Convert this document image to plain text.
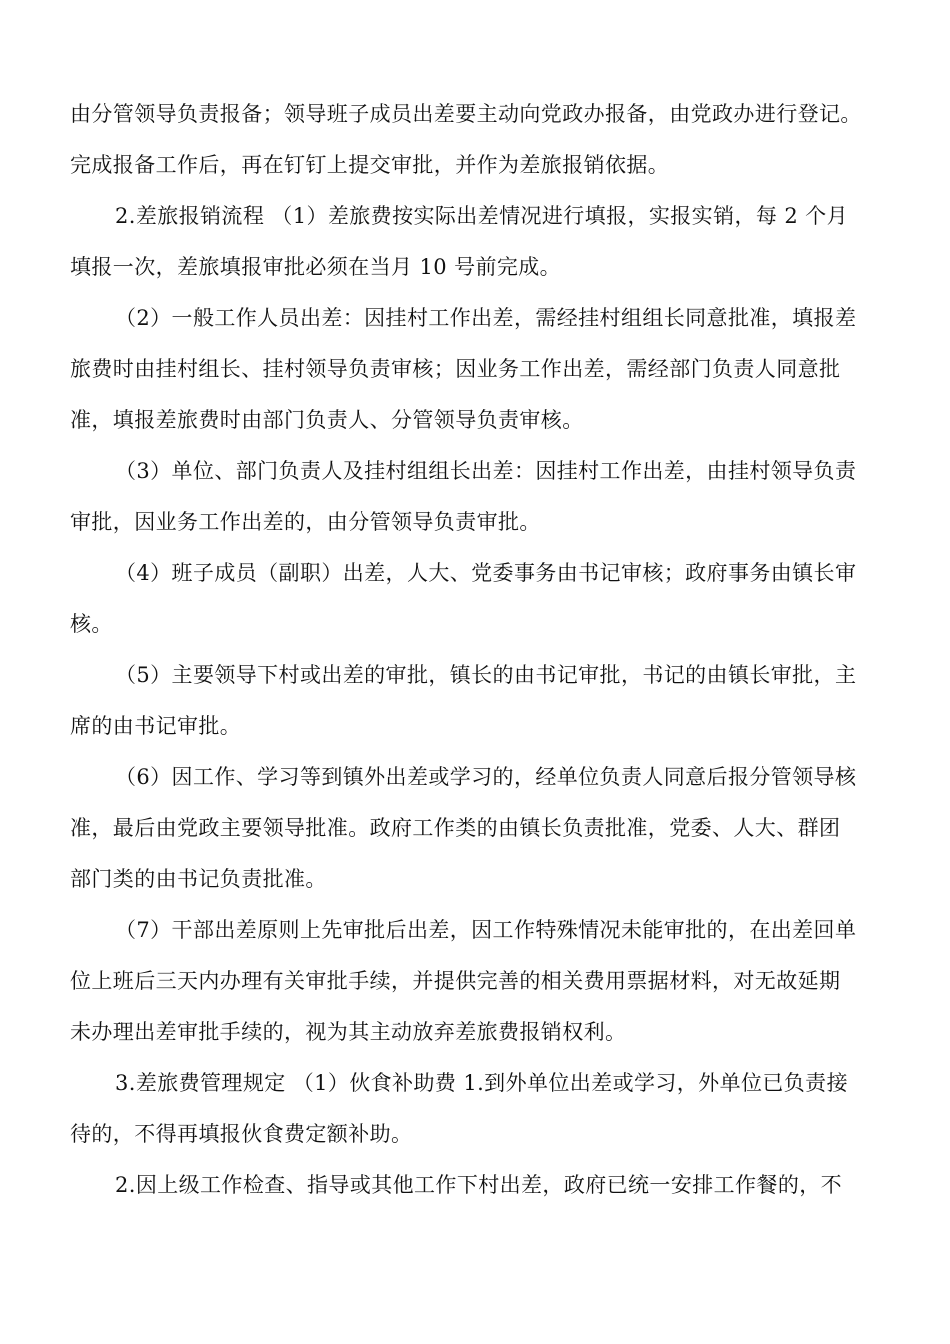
由分管领导负责报备；领导班子成员出差要主动向党政办报备，由党政办进行登记。
完成报备工作后，再在钉钉上提交审批，并作为差旅报销依据。
2.差旅报销流程 （1）差旅费按实际出差情况进行填报，实报实销，每 2 个月
填报一次，差旅填报审批必须在当月 10 号前完成。
（2）一般工作人员出差：因挂村工作出差，需经挂村组组长同意批准，填报差
旅费时由挂村组长、挂村领导负责审核；因业务工作出差，需经部门负责人同意批
准，填报差旅费时由部门负责人、分管领导负责审核。
（3）单位、部门负责人及挂村组组长出差：因挂村工作出差，由挂村领导负责
审批，因业务工作出差的，由分管领导负责审批。
（4）班子成员（副职）出差，人大、党委事务由书记审核；政府事务由镇长审
核。
（5）主要领导下村或出差的审批，镇长的由书记审批，书记的由镇长审批，主
席的由书记审批。
（6）因工作、学习等到镇外出差或学习的，经单位负责人同意后报分管领导核
准，最后由党政主要领导批准。政府工作类的由镇长负责批准，党委、人大、群团
部门类的由书记负责批准。
（7）干部出差原则上先审批后出差，因工作特殊情况未能审批的，在出差回单
位上班后三天内办理有关审批手续，并提供完善的相关费用票据材料，对无故延期
未办理出差审批手续的，视为其主动放弃差旅费报销权利。
3.差旅费管理规定 （1）伙食补助费 1.到外单位出差或学习，外单位已负责接
待的，不得再填报伙食费定额补助。
2.因上级工作检查、指导或其他工作下村出差，政府已统一安排工作餐的，不
